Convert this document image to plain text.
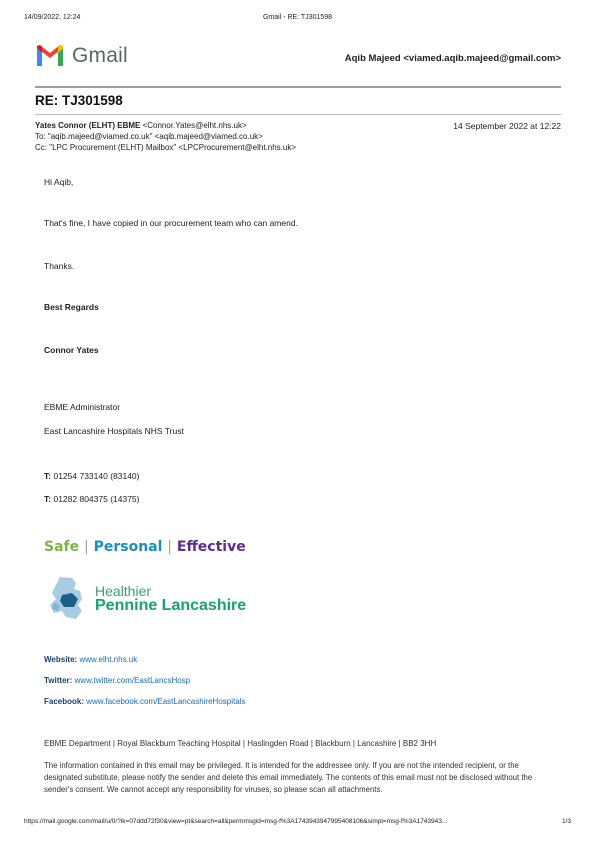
14/09/2022, 12:24	Gmail - RE: TJ301598
Gmail	Aqib Majeed <viamed.aqib.majeed@gmail.com>
RE: TJ301598
Yates Connor (ELHT) EBME <Connor.Yates@elht.nhs.uk>	14 September 2022 at 12:22
To: "aqib.majeed@viamed.co.uk" <aqib.majeed@viamed.co.uk>
Cc: "LPC Procurement (ELHT) Mailbox" <LPCProcurement@elht.nhs.uk>
Hi Aqib,
That's fine, I have copied in our procurement team who can amend.
Thanks.
Best Regards
Connor Yates
EBME Administrator
East Lancashire Hospitals NHS Trust
T: 01254 733140 (83140)
T: 01282 804375 (14375)
Safe | Personal | Effective
Healthier
Pennine Lancashire
Website: www.elht.nhs.uk
Twitter: www.twitter.com/EastLancsHosp
Facebook: www.facebook.com/EastLancashireHospitals
EBME Department | Royal Blackburn Teaching Hospital | Haslingden Road | Blackburn | Lancashire | BB2 3HH
The information contained in this email may be privileged. It is intended for the addressee only. If you are not the intended recipient, or the designated substitute, please notify the sender and delete this email immediately. The contents of this email must not be disclosed without the sender's consent. We cannot accept any responsibility for viruses, so please scan all attachments.
https://mail.google.com/mail/u/0/?ik=07ddd72f30&view=pt&search=all&permmsgid=msg-f%3A1743943947995408106&simpl=msg-f%3A1743943...	1/3
